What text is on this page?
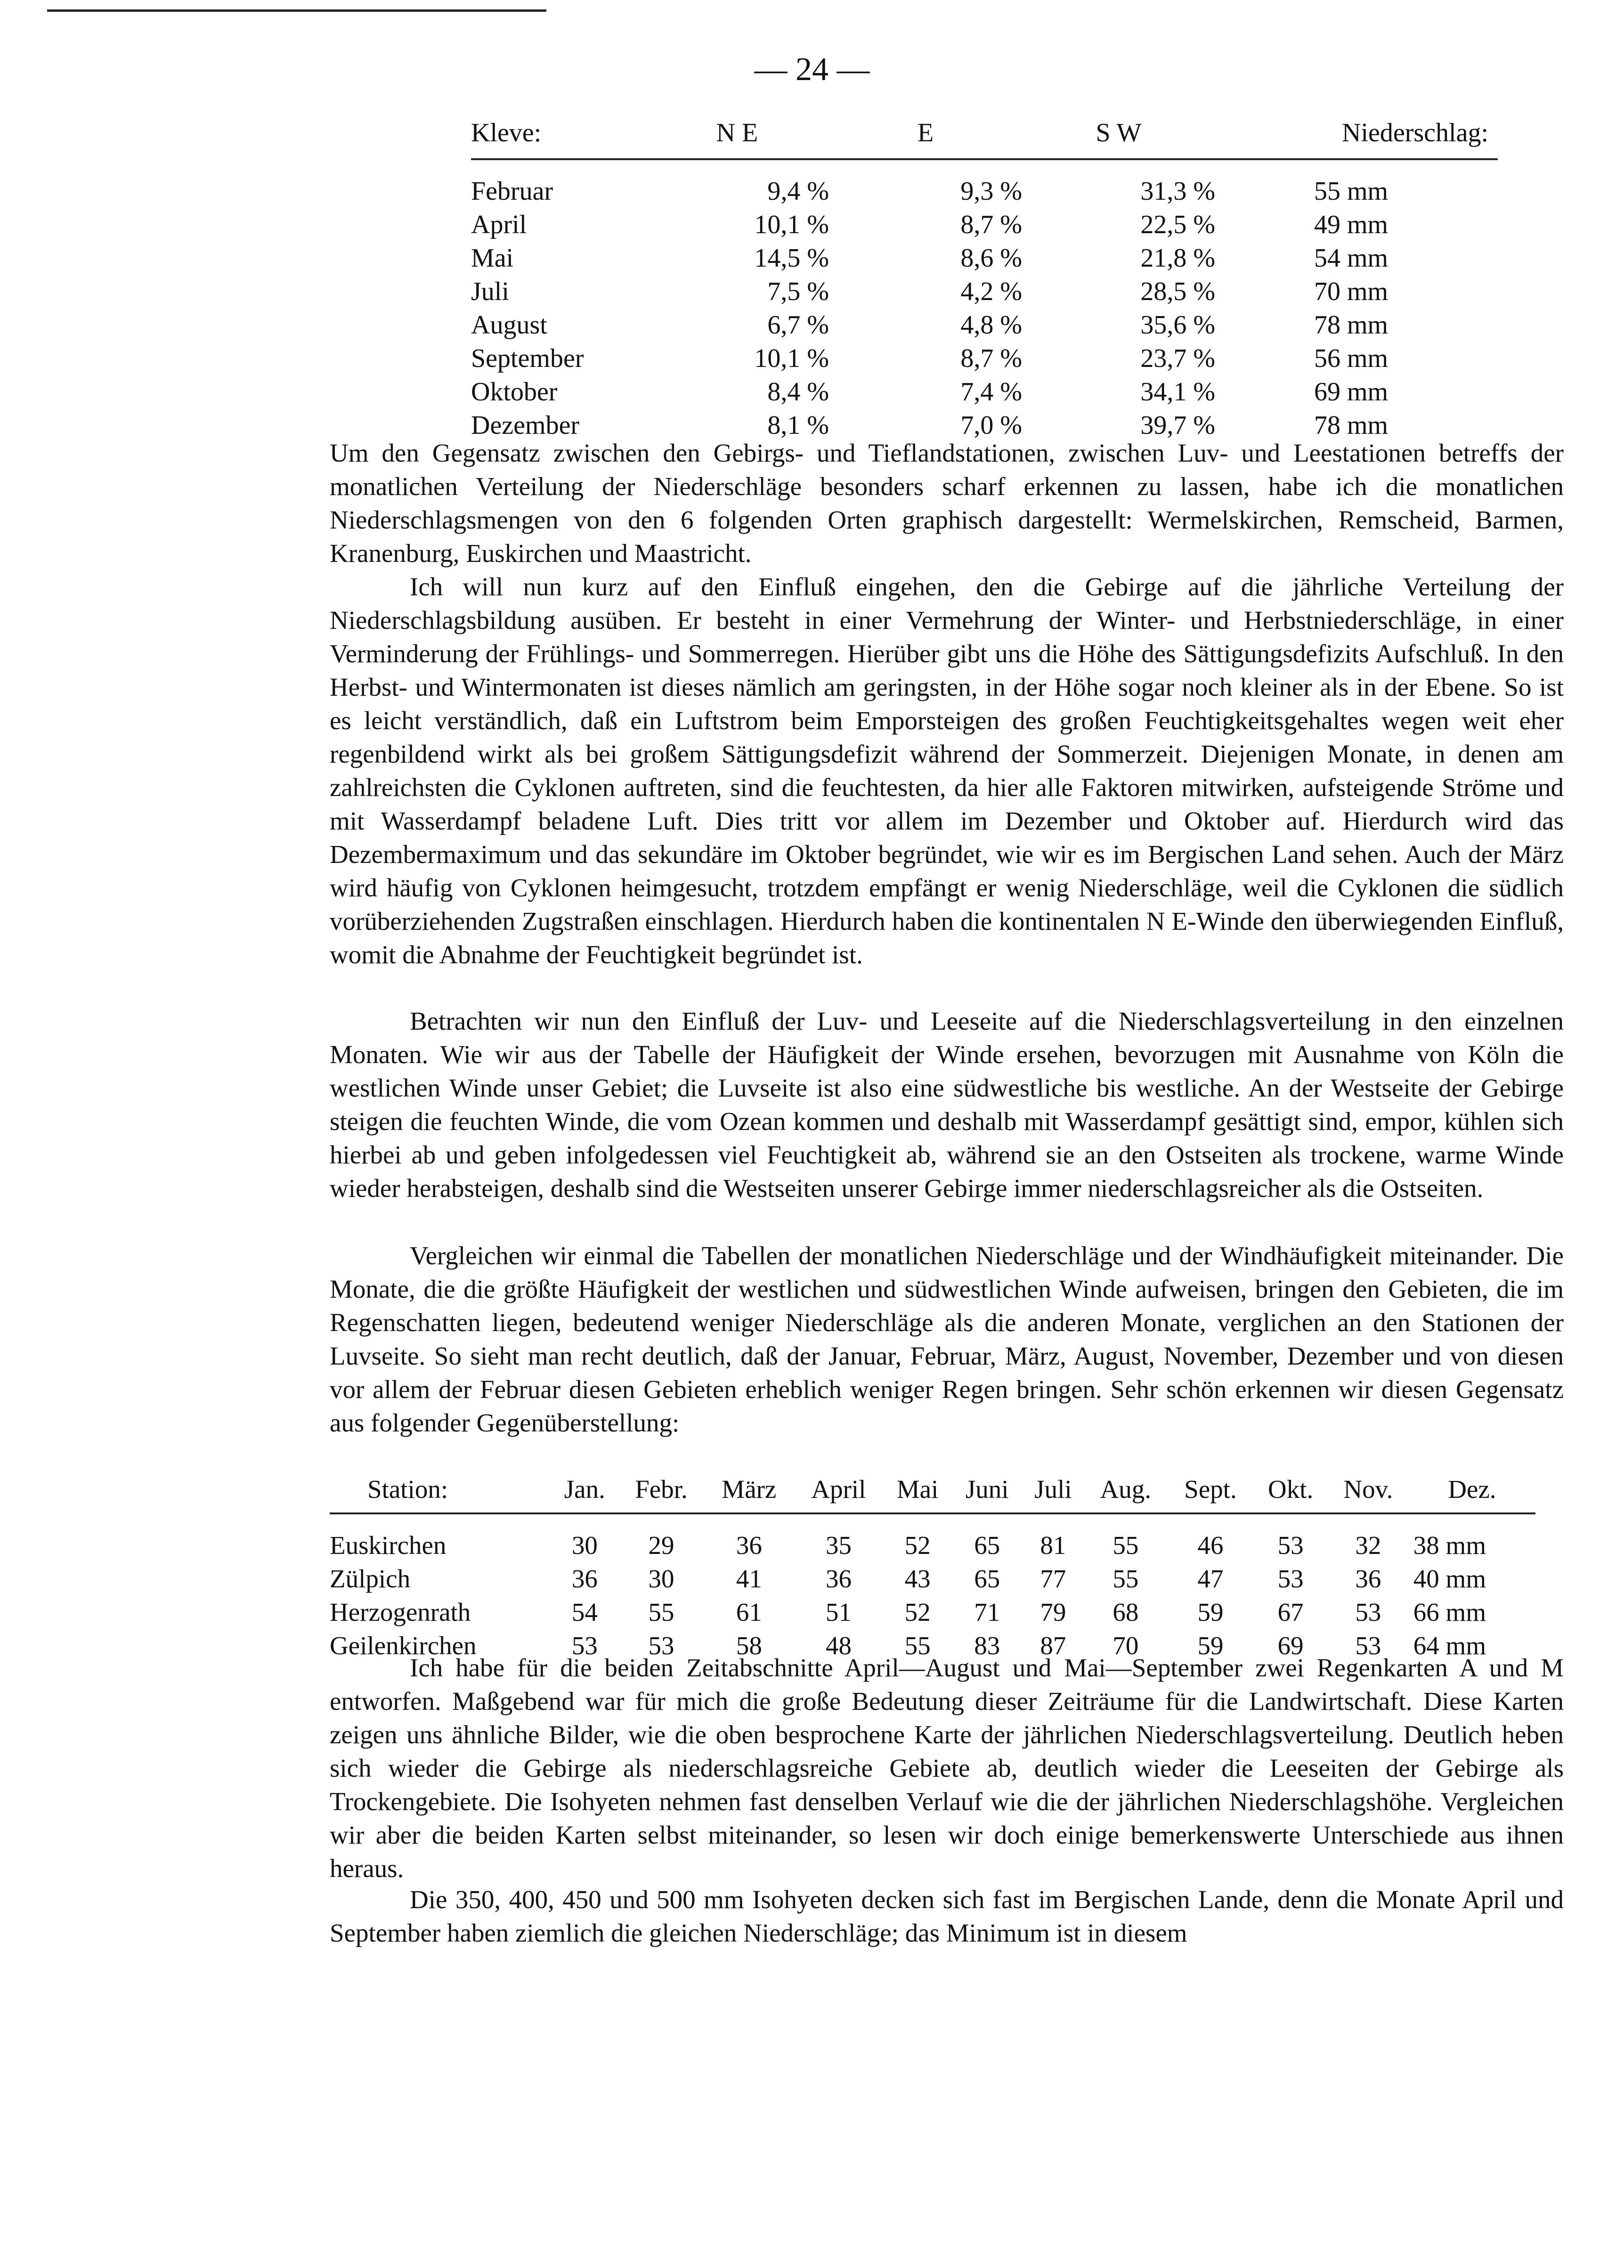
— 24 —
Kleve:	N E	E	S W	Niederschlag:
Februar	9,4 %	9,3 %	31,3 %	55 mm
April	10,1 %	8,7 %	22,5 %	49 mm
Mai	14,5 %	8,6 %	21,8 %	54 mm
Juli	7,5 %	4,2 %	28,5 %	70 mm
August	6,7 %	4,8 %	35,6 %	78 mm
September	10,1 %	8,7 %	23,7 %	56 mm
Oktober	8,4 %	7,4 %	34,1 %	69 mm
Dezember	8,1 %	7,0 %	39,7 %	78 mm

Um den Gegensatz zwischen den Gebirgs- und Tieflandstationen, zwischen Luv- und Leestationen betreffs der monatlichen Verteilung der Niederschläge besonders scharf erkennen zu lassen, habe ich die monatlichen Niederschlagsmengen von den 6 folgenden Orten graphisch dargestellt: Wermelskirchen, Remscheid, Barmen, Kranenburg, Euskirchen und Maastricht.

Ich will nun kurz auf den Einfluß eingehen, den die Gebirge auf die jährliche Verteilung der Niederschlagsbildung ausüben. Er besteht in einer Vermehrung der Winter- und Herbstniederschläge, in einer Verminderung der Frühlings- und Sommerregen. Hierüber gibt uns die Höhe des Sättigungsdefizits Aufschluß. In den Herbst- und Wintermonaten ist dieses nämlich am geringsten, in der Höhe sogar noch kleiner als in der Ebene. So ist es leicht verständlich, daß ein Luftstrom beim Emporsteigen des großen Feuchtigkeitsgehaltes wegen weit eher regenbildend wirkt als bei großem Sättigungsdefizit während der Sommerzeit. Diejenigen Monate, in denen am zahlreichsten die Cyklonen auftreten, sind die feuchtesten, da hier alle Faktoren mitwirken, aufsteigende Ströme und mit Wasserdampf beladene Luft. Dies tritt vor allem im Dezember und Oktober auf. Hierdurch wird das Dezembermaximum und das sekundäre im Oktober begründet, wie wir es im Bergischen Land sehen. Auch der März wird häufig von Cyklonen heimgesucht, trotzdem empfängt er wenig Niederschläge, weil die Cyklonen die südlich vorüberziehenden Zugstraßen einschlagen. Hierdurch haben die kontinentalen N E-Winde den überwiegenden Einfluß, womit die Abnahme der Feuchtigkeit begründet ist.

Betrachten wir nun den Einfluß der Luv- und Leeseite auf die Niederschlagsverteilung in den einzelnen Monaten. Wie wir aus der Tabelle der Häufigkeit der Winde ersehen, bevorzugen mit Ausnahme von Köln die westlichen Winde unser Gebiet; die Luvseite ist also eine südwestliche bis westliche. An der Westseite der Gebirge steigen die feuchten Winde, die vom Ozean kommen und deshalb mit Wasserdampf gesättigt sind, empor, kühlen sich hierbei ab und geben infolgedessen viel Feuchtigkeit ab, während sie an den Ostseiten als trockene, warme Winde wieder herabsteigen, deshalb sind die Westseiten unserer Gebirge immer niederschlagsreicher als die Ostseiten.

Vergleichen wir einmal die Tabellen der monatlichen Niederschläge und der Windhäufigkeit miteinander. Die Monate, die die größte Häufigkeit der westlichen und südwestlichen Winde aufweisen, bringen den Gebieten, die im Regenschatten liegen, bedeutend weniger Niederschläge als die anderen Monate, verglichen an den Stationen der Luvseite. So sieht man recht deutlich, daß der Januar, Februar, März, August, November, Dezember und von diesen vor allem der Februar diesen Gebieten erheblich weniger Regen bringen. Sehr schön erkennen wir diesen Gegensatz aus folgender Gegenüberstellung:

Station:	Jan.	Febr.	März	April	Mai	Juni	Juli	Aug.	Sept.	Okt.	Nov.	Dez.
Euskirchen	30	29	36	35	52	65	81	55	46	53	32	38 mm
Zülpich	36	30	41	36	43	65	77	55	47	53	36	40 mm
Herzogenrath	54	55	61	51	52	71	79	68	59	67	53	66 mm
Geilenkirchen	53	53	58	48	55	83	87	70	59	69	53	64 mm

Ich habe für die beiden Zeitabschnitte April—August und Mai—September zwei Regenkarten A und M entworfen. Maßgebend war für mich die große Bedeutung dieser Zeiträume für die Landwirtschaft. Diese Karten zeigen uns ähnliche Bilder, wie die oben besprochene Karte der jährlichen Niederschlagsverteilung. Deutlich heben sich wieder die Gebirge als niederschlagsreiche Gebiete ab, deutlich wieder die Leeseiten der Gebirge als Trockengebiete. Die Isohyeten nehmen fast denselben Verlauf wie die der jährlichen Niederschlagshöhe. Vergleichen wir aber die beiden Karten selbst miteinander, so lesen wir doch einige bemerkenswerte Unterschiede aus ihnen heraus.

Die 350, 400, 450 und 500 mm Isohyeten decken sich fast im Bergischen Lande, denn die Monate April und September haben ziemlich die gleichen Niederschläge; das Minimum ist in diesem
